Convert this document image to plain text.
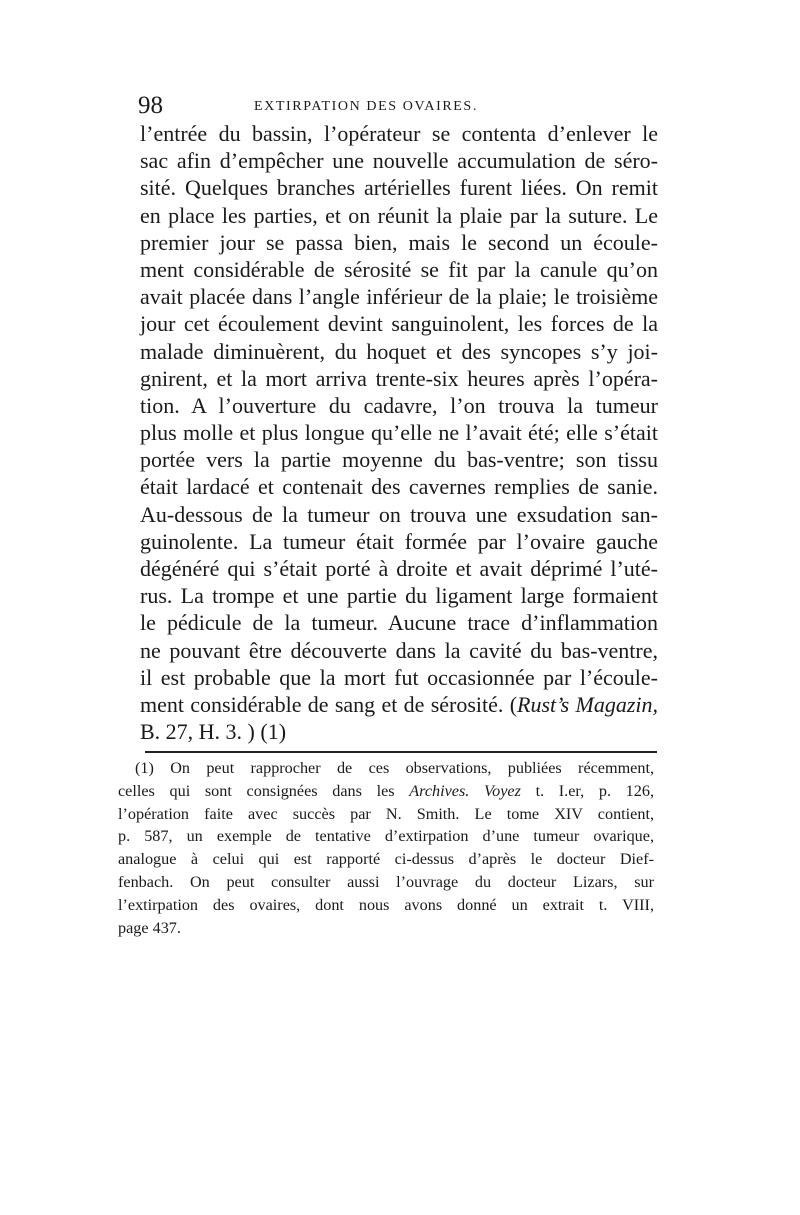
98	EXTIRPATION DES OVAIRES.
l’entrée du bassin, l’opérateur se contenta d’enlever le
sac afin d’empêcher une nouvelle accumulation de séro-
sité. Quelques branches artérielles furent liées. On remit
en place les parties, et on réunit la plaie par la suture. Le
premier jour se passa bien, mais le second un écoule-
ment considérable de sérosité se fit par la canule qu’on
avait placée dans l’angle inférieur de la plaie; le troisième
jour cet écoulement devint sanguinolent, les forces de la
malade diminuèrent, du hoquet et des syncopes s’y joi-
gnirent, et la mort arriva trente-six heures après l’opéra-
tion. A l’ouverture du cadavre, l’on trouva la tumeur
plus molle et plus longue qu’elle ne l’avait été; elle s’était
portée vers la partie moyenne du bas-ventre; son tissu
était lardacé et contenait des cavernes remplies de sanie.
Au-dessous de la tumeur on trouva une exsudation san-
guinolente. La tumeur était formée par l’ovaire gauche
dégénéré qui s’était porté à droite et avait déprimé l’uté-
rus. La trompe et une partie du ligament large formaient
le pédicule de la tumeur. Aucune trace d’inflammation
ne pouvant être découverte dans la cavité du bas-ventre,
il est probable que la mort fut occasionnée par l’écoule-
ment considérable de sang et de sérosité. (Rust’s Magazin,
B. 27, H. 3. ) (1)
(1) On peut rapprocher de ces observations, publiées récemment,
celles qui sont consignées dans les Archives. Voyez t. I.er, p. 126,
l’opération faite avec succès par N. Smith. Le tome XIV contient,
p. 587, un exemple de tentative d’extirpation d’une tumeur ovarique,
analogue à celui qui est rapporté ci-dessus d’après le docteur Dief-
fenbach. On peut consulter aussi l’ouvrage du docteur Lizars, sur
l’extirpation des ovaires, dont nous avons donné un extrait t. VIII,
page 437.
